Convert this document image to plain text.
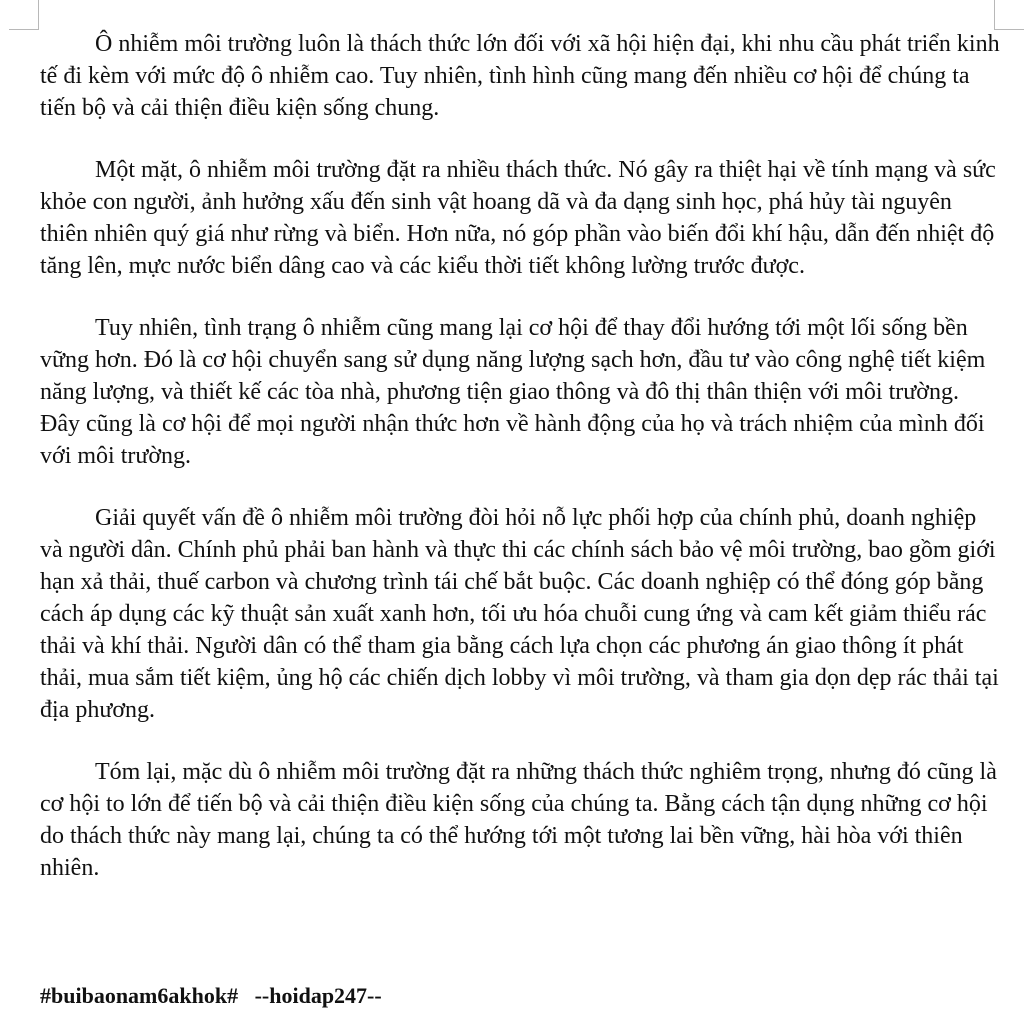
Ô nhiễm môi trường luôn là thách thức lớn đối với xã hội hiện đại, khi nhu cầu phát triển kinh tế đi kèm với mức độ ô nhiễm cao. Tuy nhiên, tình hình cũng mang đến nhiều cơ hội để chúng ta tiến bộ và cải thiện điều kiện sống chung.

Một mặt, ô nhiễm môi trường đặt ra nhiều thách thức. Nó gây ra thiệt hại về tính mạng và sức khỏe con người, ảnh hưởng xấu đến sinh vật hoang dã và đa dạng sinh học, phá hủy tài nguyên thiên nhiên quý giá như rừng và biển. Hơn nữa, nó góp phần vào biến đổi khí hậu, dẫn đến nhiệt độ tăng lên, mực nước biển dâng cao và các kiểu thời tiết không lường trước được.

Tuy nhiên, tình trạng ô nhiễm cũng mang lại cơ hội để thay đổi hướng tới một lối sống bền vững hơn. Đó là cơ hội chuyển sang sử dụng năng lượng sạch hơn, đầu tư vào công nghệ tiết kiệm năng lượng, và thiết kế các tòa nhà, phương tiện giao thông và đô thị thân thiện với môi trường. Đây cũng là cơ hội để mọi người nhận thức hơn về hành động của họ và trách nhiệm của mình đối với môi trường.

Giải quyết vấn đề ô nhiễm môi trường đòi hỏi nỗ lực phối hợp của chính phủ, doanh nghiệp và người dân. Chính phủ phải ban hành và thực thi các chính sách bảo vệ môi trường, bao gồm giới hạn xả thải, thuế carbon và chương trình tái chế bắt buộc. Các doanh nghiệp có thể đóng góp bằng cách áp dụng các kỹ thuật sản xuất xanh hơn, tối ưu hóa chuỗi cung ứng và cam kết giảm thiểu rác thải và khí thải. Người dân có thể tham gia bằng cách lựa chọn các phương án giao thông ít phát thải, mua sắm tiết kiệm, ủng hộ các chiến dịch lobby vì môi trường, và tham gia dọn dẹp rác thải tại địa phương.

Tóm lại, mặc dù ô nhiễm môi trường đặt ra những thách thức nghiêm trọng, nhưng đó cũng là cơ hội to lớn để tiến bộ và cải thiện điều kiện sống của chúng ta. Bằng cách tận dụng những cơ hội do thách thức này mang lại, chúng ta có thể hướng tới một tương lai bền vững, hài hòa với thiên nhiên.

#buibaonam6akhok#   --hoidap247--
